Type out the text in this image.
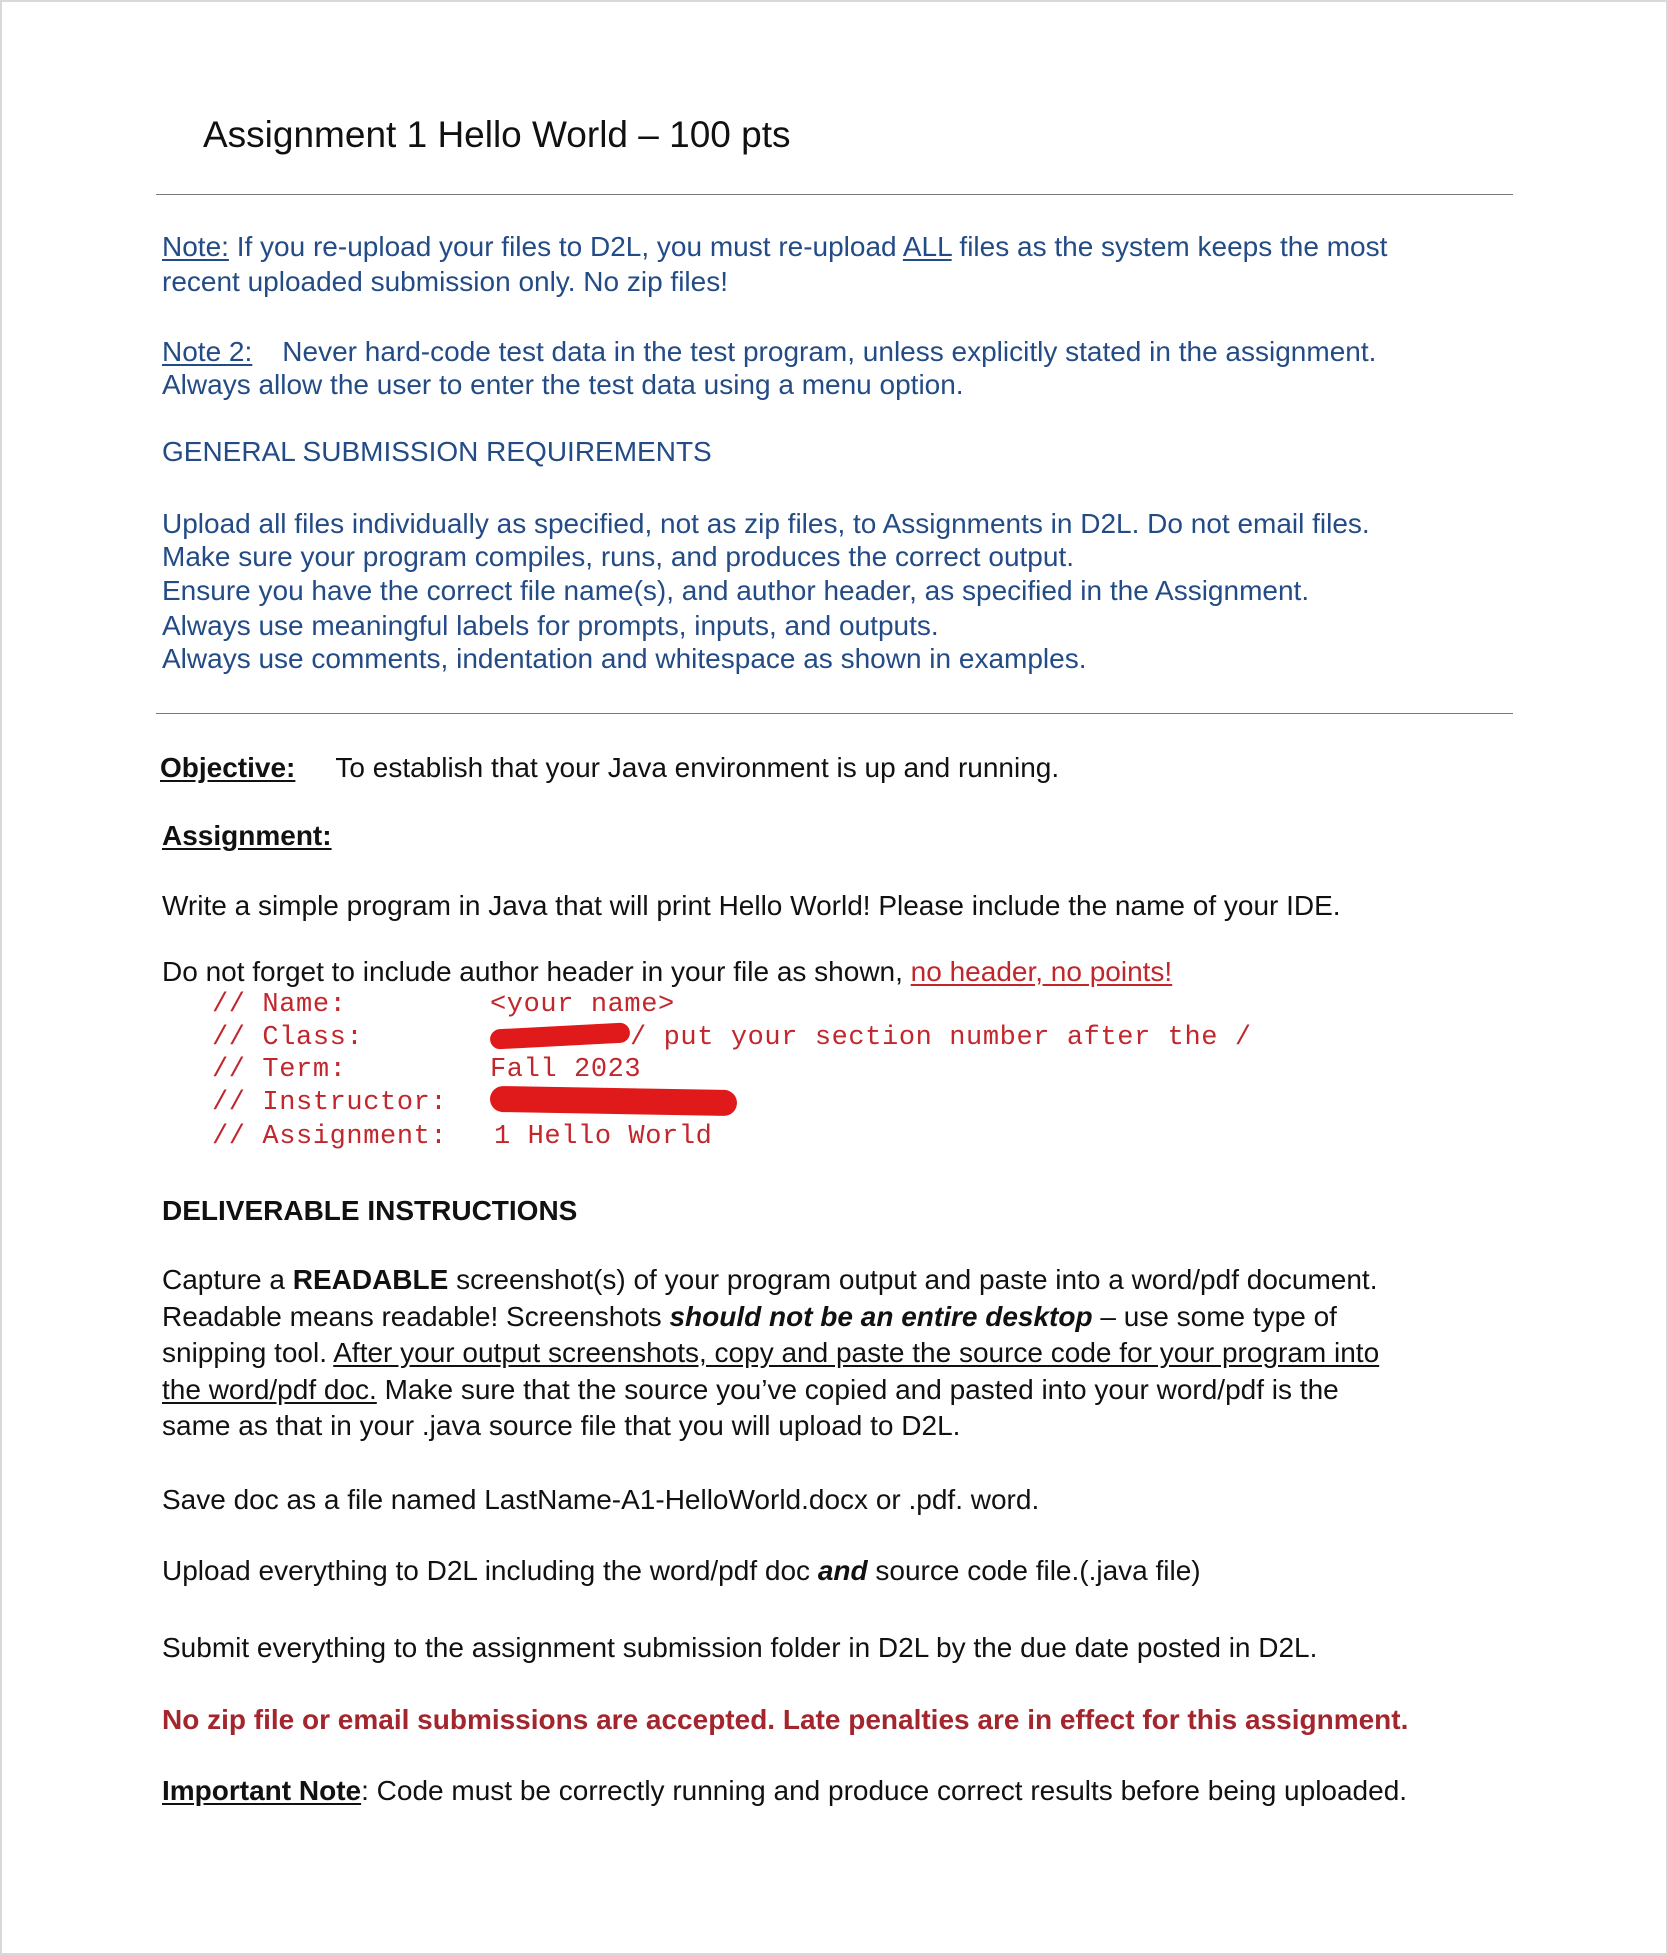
Assignment 1 Hello World – 100 pts
Note: If you re-upload your files to D2L, you must re-upload ALL files as the system keeps the most
recent uploaded submission only. No zip files!
Note 2: Never hard-code test data in the test program, unless explicitly stated in the assignment.
Always allow the user to enter the test data using a menu option.
GENERAL SUBMISSION REQUIREMENTS
Upload all files individually as specified, not as zip files, to Assignments in D2L. Do not email files.
Make sure your program compiles, runs, and produces the correct output.
Ensure you have the correct file name(s), and author header, as specified in the Assignment.
Always use meaningful labels for prompts, inputs, and outputs.
Always use comments, indentation and whitespace as shown in examples.
Objective: To establish that your Java environment is up and running.
Assignment:
Write a simple program in Java that will print Hello World! Please include the name of your IDE.
Do not forget to include author header in your file as shown, no header, no points!
// Name:	<your name>
// Class:	/ put your section number after the /
// Term:	Fall 2023
// Instructor:
// Assignment: 1 Hello World
DELIVERABLE INSTRUCTIONS
Capture a READABLE screenshot(s) of your program output and paste into a word/pdf document.
Readable means readable! Screenshots should not be an entire desktop – use some type of
snipping tool. After your output screenshots, copy and paste the source code for your program into
the word/pdf doc. Make sure that the source you’ve copied and pasted into your word/pdf is the
same as that in your .java source file that you will upload to D2L.
Save doc as a file named LastName-A1-HelloWorld.docx or .pdf. word.
Upload everything to D2L including the word/pdf doc and source code file.(.java file)
Submit everything to the assignment submission folder in D2L by the due date posted in D2L.
No zip file or email submissions are accepted. Late penalties are in effect for this assignment.
Important Note: Code must be correctly running and produce correct results before being uploaded.
